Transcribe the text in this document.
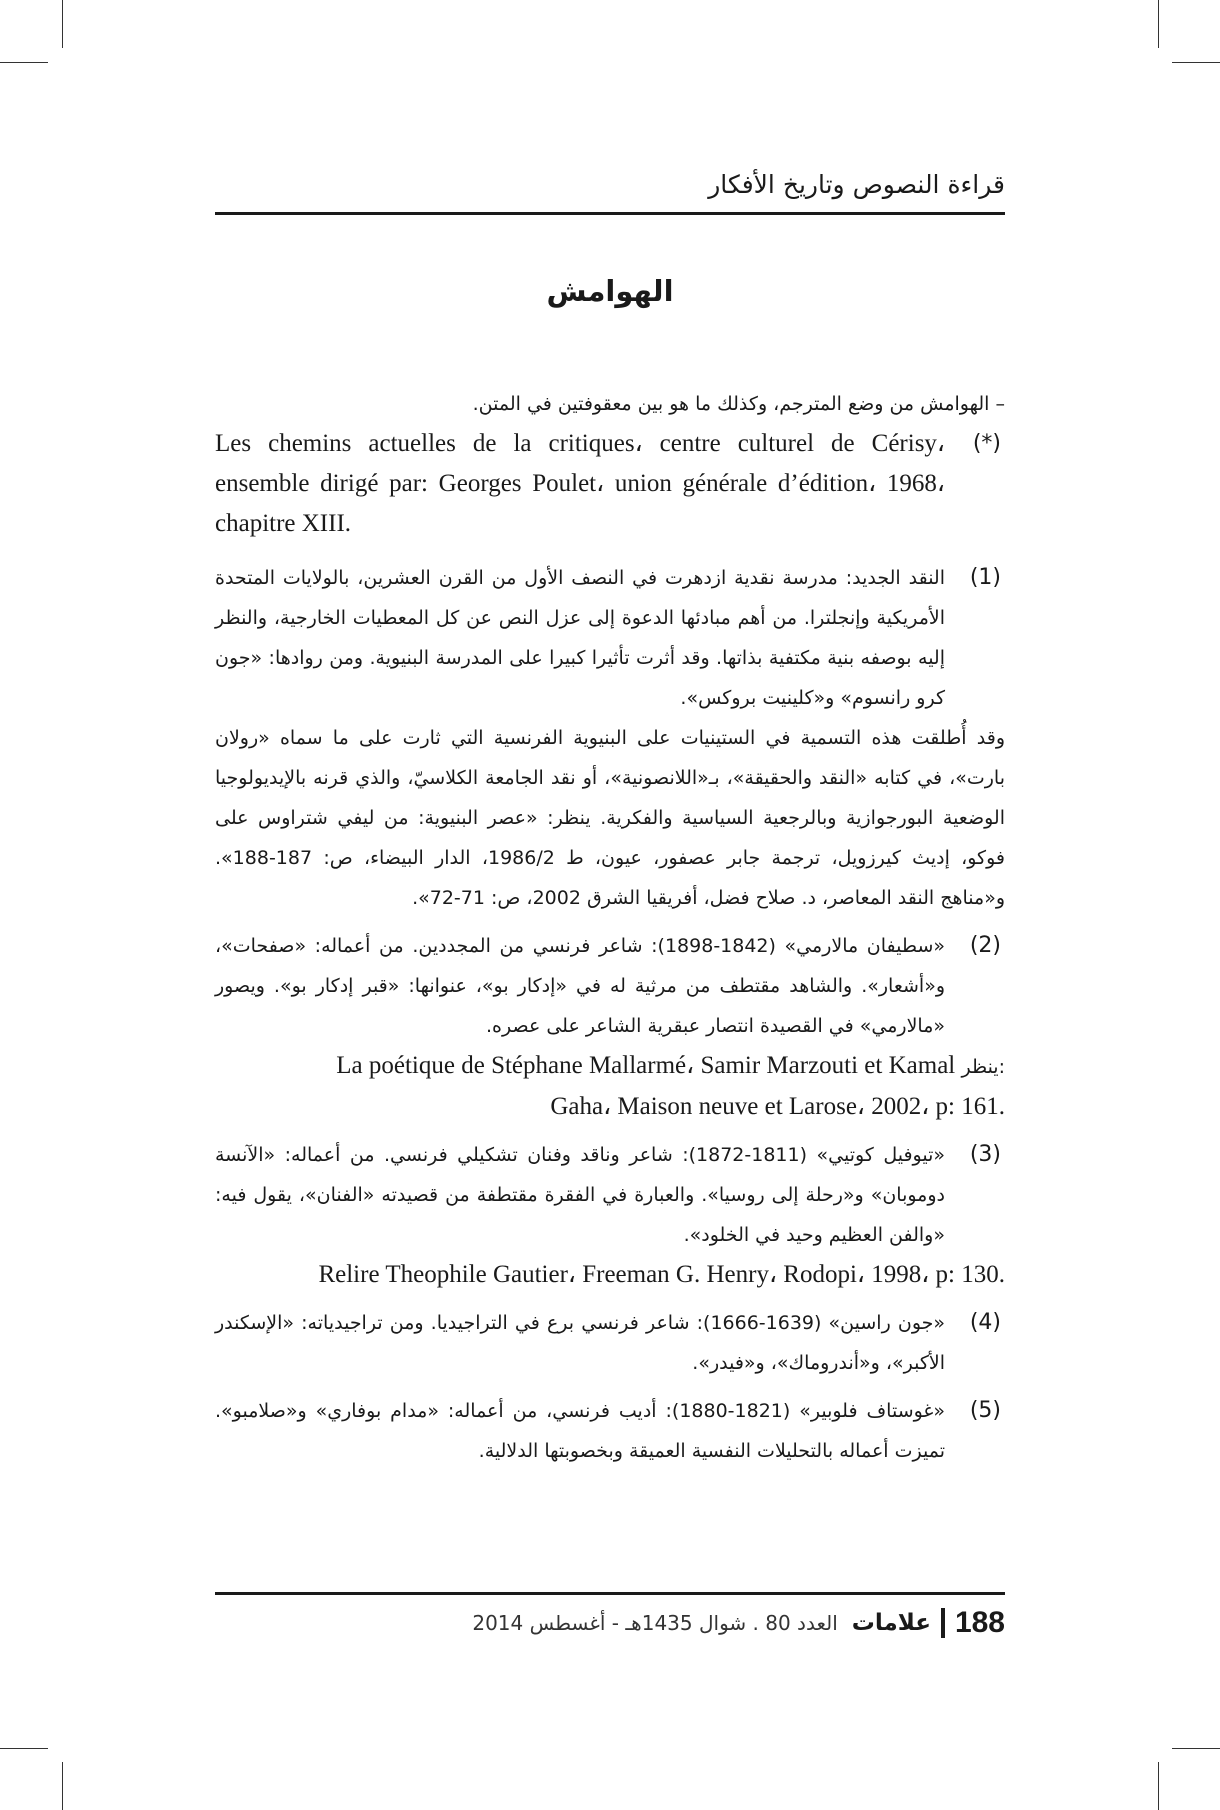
قراءة النصوص وتاريخ الأفكار
الهوامش

– الهوامش من وضع المترجم، وكذلك ما هو بين معقوفتين في المتن.

(*)

Les chemins actuelles de la critiques، centre culturel de Cérisy، ensemble dirigé par: Georges Poulet، union générale d’édition، 1968، chapitre XIII.

(1)

النقد الجديد: مدرسة نقدية ازدهرت في النصف الأول من القرن العشرين، بالولايات المتحدة الأمريكية وإنجلترا. من أهم مبادئها الدعوة إلى عزل النص عن كل المعطيات الخارجية، والنظر إليه بوصفه بنية مكتفية بذاتها. وقد أثرت تأثيرا كبيرا على المدرسة البنيوية. ومن روادها: «جون كرو رانسوم» و«كلينيت بروكس».

وقد أُطلقت هذه التسمية في الستينيات على البنيوية الفرنسية التي ثارت على ما سماه «رولان بارت»، في كتابه «النقد والحقيقة»، بـ«اللانصونية»، أو نقد الجامعة الكلاسيّ، والذي قرنه بالإيديولوجيا الوضعية البورجوازية وبالرجعية السياسية والفكرية. ينظر: «عصر البنيوية: من ليفي شتراوس على فوكو، إديث كيرزويل، ترجمة جابر عصفور، عيون، ط 1986/2، الدار البيضاء، ص: 187-188». و«مناهج النقد المعاصر، د. صلاح فضل، أفريقيا الشرق 2002، ص: 71-72».

(2)

«سطيفان مالارمي» (1842-1898): شاعر فرنسي من المجددين. من أعماله: «صفحات»، و«أشعار». والشاهد مقتطف من مرثية له في «إدكار بو»، عنوانها: «قبر إدكار بو». ويصور «مالارمي» في القصيدة انتصار عبقرية الشاعر على عصره.

La poétique de Stéphane Mallarmé، Samir Marzouti et Kamal ينظر:

Gaha، Maison neuve et Larose، 2002، p: 161.

(3)

«تيوفيل كوتيي» (1811-1872): شاعر وناقد وفنان تشكيلي فرنسي. من أعماله: «الآنسة دوموبان» و«رحلة إلى روسيا». والعبارة في الفقرة مقتطفة من قصيدته «الفنان»، يقول فيه: «والفن العظيم وحيد في الخلود».

Relire Theophile Gautier، Freeman G. Henry، Rodopi، 1998، p: 130.

(4)

«جون راسين» (1639-1666): شاعر فرنسي برع في التراجيديا. ومن تراجيدياته: «الإسكندر الأكبر»، و«أندروماك»، و«فيدر».

(5)

«غوستاف فلوبير» (1821-1880): أديب فرنسي، من أعماله: «مدام بوفاري» و«صلامبو». تميزت أعماله بالتحليلات النفسية العميقة وبخصوبتها الدلالية.

188علاماتالعدد 80 . شوال 1435هـ - أغسطس 2014
